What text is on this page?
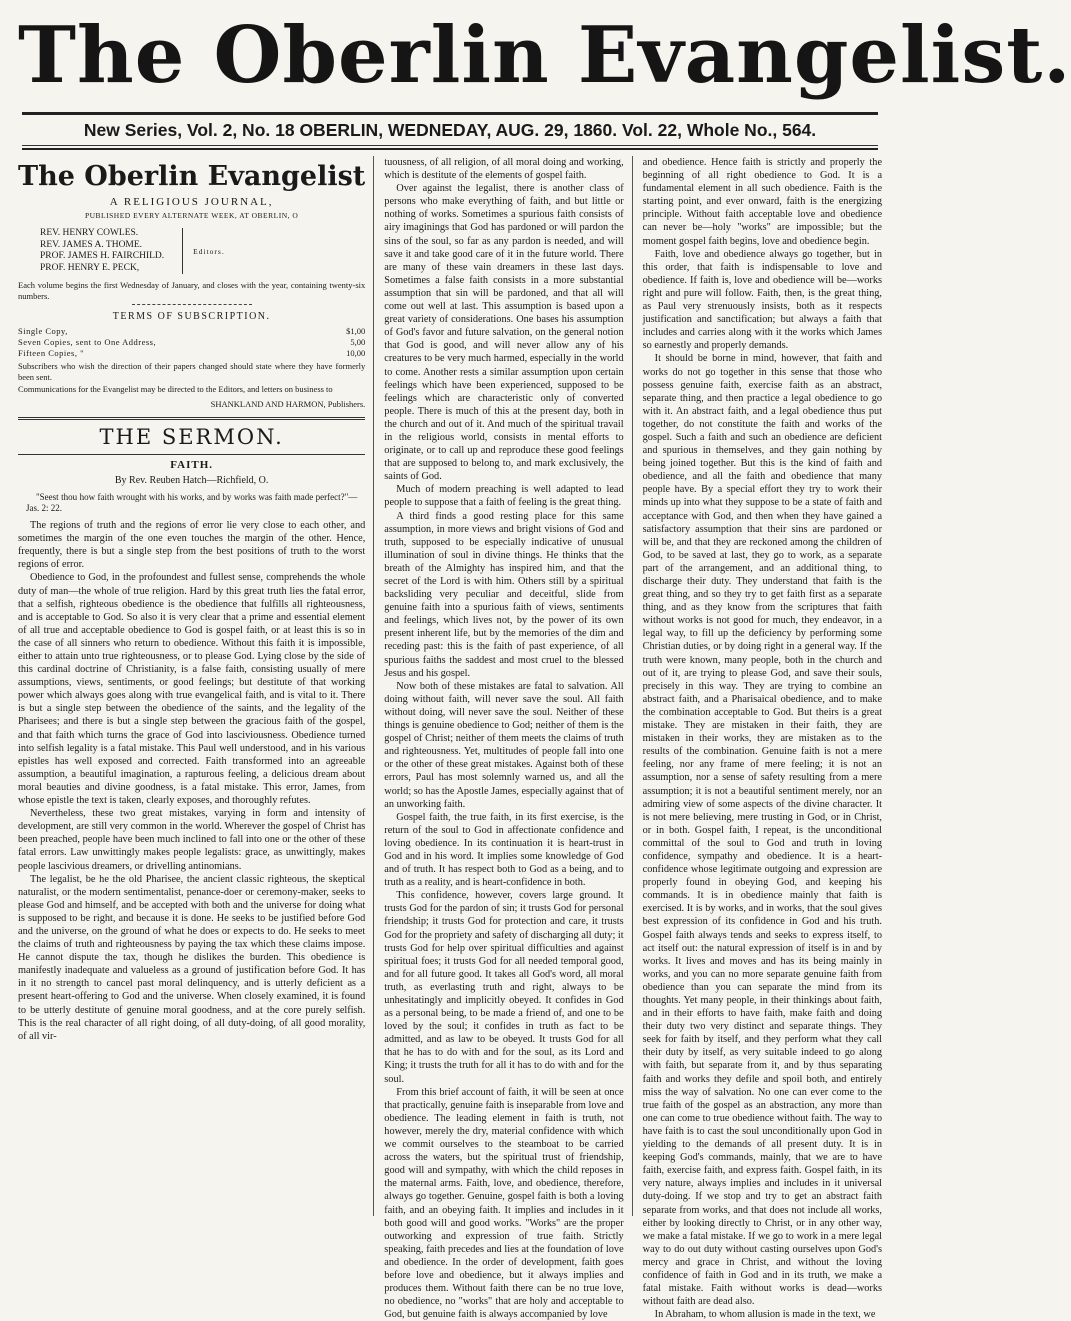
The Oberlin Evangelist.
New Series, Vol. 2, No. 18 OBERLIN, WEDNEDAY, AUG. 29, 1860. Vol. 22, Whole No., 564.
The Oberlin Evangelist
A RELIGIOUS JOURNAL,
PUBLISHED EVERY ALTERNATE WEEK, AT OBERLIN, O
REV. HENRY COWLES.
REV. JAMES A. THOME.
PROF. JAMES H. FAIRCHILD.
PROF. HENRY E. PECK,
Editors.
Each volume begins the first Wednesday of January, and closes with the year, containing twenty-six numbers.
TERMS OF SUBSCRIPTION.
Single Copy,	$1,00
Seven Copies, sent to One Address,	5,00
Fifteen Copies, "	10,00
Subscribers who wish the direction of their papers changed should state where they have formerly been sent.
Communications for the Evangelist may be directed to the Editors, and letters on business to
SHANKLAND AND HARMON, Publishers.
THE SERMON.
FAITH.
By Rev. Reuben Hatch—Richfield, O.
"Seest thou how faith wrought with his works, and by works was faith made perfect?"—Jas. 2: 22.

The regions of truth and the regions of error lie very close to each other, and sometimes the margin of the one even touches the margin of the other. Hence, frequently, there is but a single step from the best positions of truth to the worst regions of error.

Obedience to God, in the profoundest and fullest sense, comprehends the whole duty of man—the whole of true religion. Hard by this great truth lies the fatal error, that a selfish, righteous obedience is the obedience that fulfills all righteousness, and is acceptable to God. So also it is very clear that a prime and essential element of all true and acceptable obedience to God is gospel faith, or at least this is so in the case of all sinners who return to obedience. Without this faith it is impossible, either to attain unto true righteousness, or to please God. Lying close by the side of this cardinal doctrine of Christianity, is a false faith, consisting usually of mere assumptions, views, sentiments, or good feelings; but destitute of that working power which always goes along with true evangelical faith, and is vital to it. There is but a single step between the obedience of the saints, and the legality of the Pharisees; and there is but a single step between the gracious faith of the gospel, and that faith which turns the grace of God into lasciviousness. Obedience turned into selfish legality is a fatal mistake. This Paul well understood, and in his various epistles has well exposed and corrected. Faith transformed into an agreeable assumption, a beautiful imagination, a rapturous feeling, a delicious dream about moral beauties and divine goodness, is a fatal mistake. This error, James, from whose epistle the text is taken, clearly exposes, and thoroughly refutes.

Nevertheless, these two great mistakes, varying in form and intensity of development, are still very common in the world. Wherever the gospel of Christ has been preached, people have been much inclined to fall into one or the other of these fatal errors. Law unwittingly makes people legalists: grace, as unwittingly, makes people lascivious dreamers, or drivelling antinomians.

The legalist, be he the old Pharisee, the ancient classic righteous, the skeptical naturalist, or the modern sentimentalist, penance-doer or ceremony-maker, seeks to please God and himself, and be accepted with both and the universe for doing what is supposed to be right, and because it is done. He seeks to be justified before God and the universe, on the ground of what he does or expects to do. He seeks to meet the claims of truth and righteousness by paying the tax which these claims impose. He cannot dispute the tax, though he dislikes the burden. This obedience is manifestly inadequate and valueless as a ground of justification before God. It has in it no strength to cancel past moral delinquency, and is utterly deficient as a present heart-offering to God and the universe. When closely examined, it is found to be utterly destitute of genuine moral goodness, and at the core purely selfish. This is the real character of all right doing, of all duty-doing, of all good morality, of all vir-

tuousness, of all religion, of all moral doing and working, which is destitute of the elements of gospel faith.

Over against the legalist, there is another class of persons who make everything of faith, and but little or nothing of works. Sometimes a spurious faith consists of airy imaginings that God has pardoned or will pardon the sins of the soul, so far as any pardon is needed, and will save it and take good care of it in the future world. There are many of these vain dreamers in these last days. Sometimes a false faith consists in a more substantial assumption that sin will be pardoned, and that all will come out well at last. This assumption is based upon a great variety of considerations. One bases his assumption of God's favor and future salvation, on the general notion that God is good, and will never allow any of his creatures to be very much harmed, especially in the world to come. Another rests a similar assumption upon certain feelings which have been experienced, supposed to be feelings which are characteristic only of converted people. There is much of this at the present day, both in the church and out of it. And much of the spiritual travail in the religious world, consists in mental efforts to originate, or to call up and reproduce these good feelings that are supposed to belong to, and mark exclusively, the saints of God.

Much of modern preaching is well adapted to lead people to suppose that a faith of feeling is the great thing.

A third finds a good resting place for this same assumption, in more views and bright visions of God and truth, supposed to be especially indicative of unusual illumination of soul in divine things. He thinks that the breath of the Almighty has inspired him, and that the secret of the Lord is with him. Others still by a spiritual backsliding very peculiar and deceitful, slide from genuine faith into a spurious faith of views, sentiments and feelings, which lives not, by the power of its own present inherent life, but by the memories of the dim and receding past: this is the faith of past experience, of all spurious faiths the saddest and most cruel to the blessed Jesus and his gospel.

Now both of these mistakes are fatal to salvation. All doing without faith, will never save the soul. All faith without doing, will never save the soul. Neither of these things is genuine obedience to God; neither of them is the gospel of Christ; neither of them meets the claims of truth and righteousness. Yet, multitudes of people fall into one or the other of these great mistakes. Against both of these errors, Paul has most solemnly warned us, and all the world; so has the Apostle James, especially against that of an unworking faith.

Gospel faith, the true faith, in its first exercise, is the return of the soul to God in affectionate confidence and loving obedience. In its continuation it is heart-trust in God and in his word. It implies some knowledge of God and of truth. It has respect both to God as a being, and to truth as a reality, and is heart-confidence in both.

This confidence, however, covers large ground. It trusts God for the pardon of sin; it trusts God for personal friendship; it trusts God for protection and care, it trusts God for the propriety and safety of discharging all duty; it trusts God for help over spiritual difficulties and against spiritual foes; it trusts God for all needed temporal good, and for all future good. It takes all God's word, all moral truth, as everlasting truth and right, always to be unhesitatingly and implicitly obeyed. It confides in God as a personal being, to be made a friend of, and one to be loved by the soul; it confides in truth as fact to be admitted, and as law to be obeyed. It trusts God for all that he has to do with and for the soul, as its Lord and King; it trusts the truth for all it has to do with and for the soul.

From this brief account of faith, it will be seen at once that practically, genuine faith is inseparable from love and obedience. The leading element in faith is truth, not however, merely the dry, material confidence with which we commit ourselves to the steamboat to be carried across the waters, but the spiritual trust of friendship, good will and sympathy, with which the child reposes in the maternal arms. Faith, love, and obedience, therefore, always go together. Genuine, gospel faith is both a loving faith, and an obeying faith. It implies and includes in it both good will and good works. "Works" are the proper outworking and expression of true faith. Strictly speaking, faith precedes and lies at the foundation of love and obedience. In the order of development, faith goes before love and obedience, but it always implies and produces them. Without faith there can be no true love, no obedience, no "works" that are holy and acceptable to God, but genuine faith is always accompanied by love

and obedience. Hence faith is strictly and properly the beginning of all right obedience to God. It is a fundamental element in all such obedience. Faith is the starting point, and ever onward, faith is the energizing principle. Without faith acceptable love and obedience can never be—holy "works" are impossible; but the moment gospel faith begins, love and obedience begin.

Faith, love and obedience always go together, but in this order, that faith is indispensable to love and obedience. If faith is, love and obedience will be—works right and pure will follow. Faith, then, is the great thing, as Paul very strenuously insists, both as it respects justification and sanctification; but always a faith that includes and carries along with it the works which James so earnestly and properly demands.

It should be borne in mind, however, that faith and works do not go together in this sense that those who possess genuine faith, exercise faith as an abstract, separate thing, and then practice a legal obedience to go with it. An abstract faith, and a legal obedience thus put together, do not constitute the faith and works of the gospel. Such a faith and such an obedience are deficient and spurious in themselves, and they gain nothing by being joined together. But this is the kind of faith and obedience, and all the faith and obedience that many people have. By a special effort they try to work their minds up into what they suppose to be a state of faith and acceptance with God, and then when they have gained a satisfactory assumption that their sins are pardoned or will be, and that they are reckoned among the children of God, to be saved at last, they go to work, as a separate part of the arrangement, and an additional thing, to discharge their duty. They understand that faith is the great thing, and so they try to get faith first as a separate thing, and as they know from the scriptures that faith without works is not good for much, they endeavor, in a legal way, to fill up the deficiency by performing some Christian duties, or by doing right in a general way. If the truth were known, many people, both in the church and out of it, are trying to please God, and save their souls, precisely in this way. They are trying to combine an abstract faith, and a Pharisaical obedience, and to make the combination acceptable to God. But theirs is a great mistake. They are mistaken in their faith, they are mistaken in their works, they are mistaken as to the results of the combination. Genuine faith is not a mere feeling, nor any frame of mere feeling; it is not an assumption, nor a sense of safety resulting from a mere assumption; it is not a beautiful sentiment merely, nor an admiring view of some aspects of the divine character. It is not mere believing, mere trusting in God, or in Christ, or in both. Gospel faith, I repeat, is the unconditional committal of the soul to God and truth in loving confidence, sympathy and obedience. It is a heart-confidence whose legitimate outgoing and expression are properly found in obeying God, and keeping his commands. It is in obedience mainly that faith is exercised. It is by works, and in works, that the soul gives best expression of its confidence in God and his truth. Gospel faith always tends and seeks to express itself, to act itself out: the natural expression of itself is in and by works. It lives and moves and has its being mainly in works, and you can no more separate genuine faith from obedience than you can separate the mind from its thoughts. Yet many people, in their thinkings about faith, and in their efforts to have faith, make faith and doing their duty two very distinct and separate things. They seek for faith by itself, and they perform what they call their duty by itself, as very suitable indeed to go along with faith, but separate from it, and by thus separating faith and works they defile and spoil both, and entirely miss the way of salvation. No one can ever come to the true faith of the gospel as an abstraction, any more than one can come to true obedience without faith. The way to have faith is to cast the soul unconditionally upon God in yielding to the demands of all present duty. It is in keeping God's commands, mainly, that we are to have faith, exercise faith, and express faith. Gospel faith, in its very nature, always implies and includes in it universal duty-doing. If we stop and try to get an abstract faith separate from works, and that does not include all works, either by looking directly to Christ, or in any other way, we make a fatal mistake. If we go to work in a mere legal way to do out duty without casting ourselves upon God's mercy and grace in Christ, and without the loving confidence of faith in God and in its truth, we make a fatal mistake. Faith without works is dead—works without faith are dead also.

In Abraham, to whom allusion is made in the text, we
